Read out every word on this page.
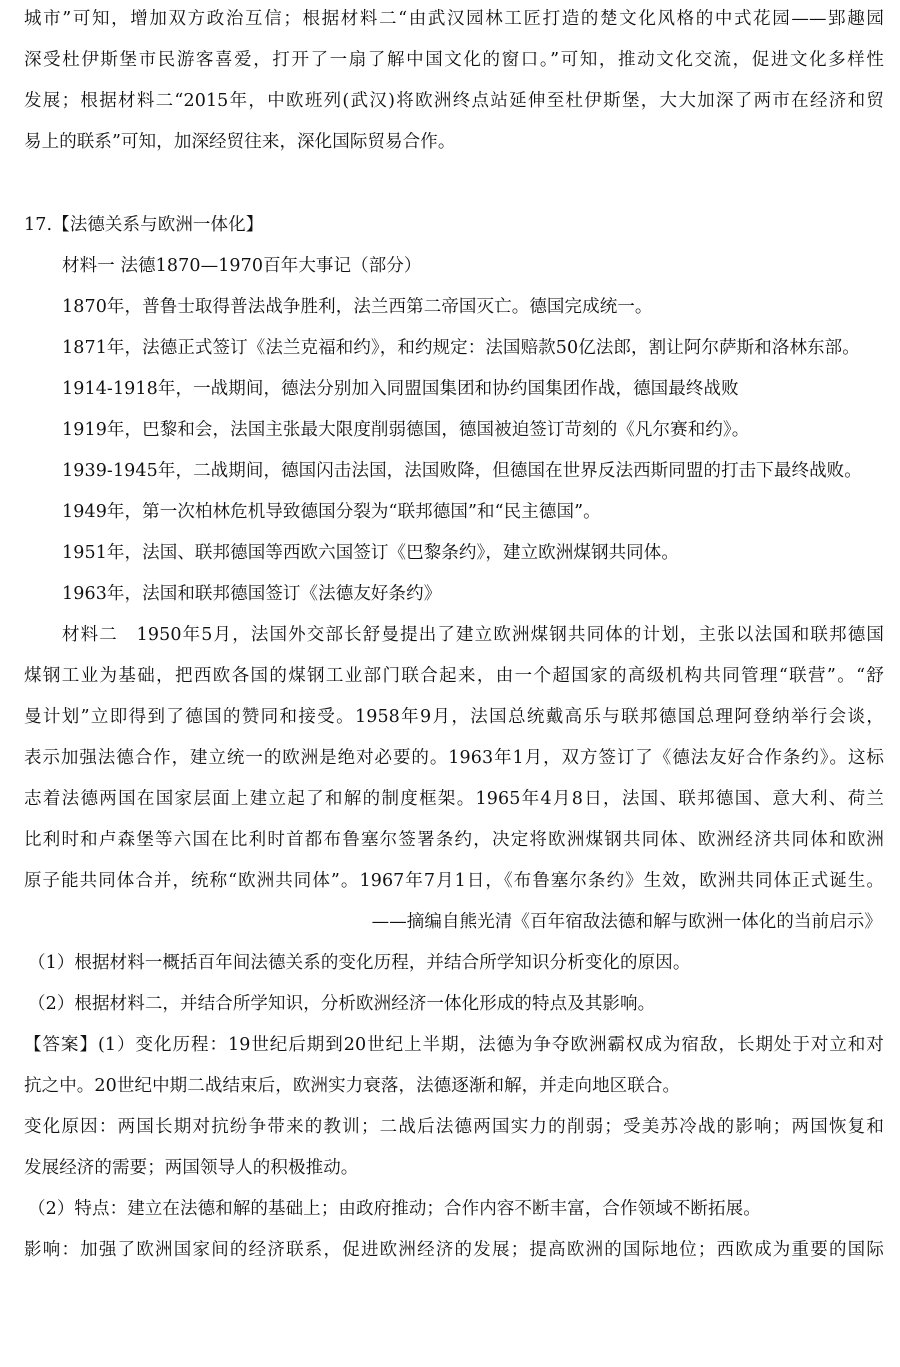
城市”可知，增加双方政治互信；根据材料二“由武汉园林工匠打造的楚文化风格的中式花园——郢趣园
深受杜伊斯堡市民游客喜爱，打开了一扇了解中国文化的窗口。”可知，推动文化交流，促进文化多样性
发展；根据材料二“2015年，中欧班列(武汉)将欧洲终点站延伸至杜伊斯堡，大大加深了两市在经济和贸
易上的联系”可知，加深经贸往来，深化国际贸易合作。
17.【法德关系与欧洲一体化】
材料一 法德1870—1970百年大事记（部分）
1870年，普鲁士取得普法战争胜利，法兰西第二帝国灭亡。德国完成统一。
1871年，法德正式签订《法兰克福和约》，和约规定：法国赔款50亿法郎，割让阿尔萨斯和洛林东部。
1914-1918年，一战期间，德法分别加入同盟国集团和协约国集团作战，德国最终战败
1919年，巴黎和会，法国主张最大限度削弱德国，德国被迫签订苛刻的《凡尔赛和约》。
1939-1945年，二战期间，德国闪击法国，法国败降，但德国在世界反法西斯同盟的打击下最终战败。
1949年，第一次柏林危机导致德国分裂为“联邦德国”和“民主德国”。
1951年，法国、联邦德国等西欧六国签订《巴黎条约》，建立欧洲煤钢共同体。
1963年，法国和联邦德国签订《法德友好条约》
材料二　1950年5月，法国外交部长舒曼提出了建立欧洲煤钢共同体的计划，主张以法国和联邦德国
煤钢工业为基础，把西欧各国的煤钢工业部门联合起来，由一个超国家的高级机构共同管理“联营”。“舒
曼计划”立即得到了德国的赞同和接受。1958年9月，法国总统戴高乐与联邦德国总理阿登纳举行会谈，
表示加强法德合作，建立统一的欧洲是绝对必要的。1963年1月，双方签订了《德法友好合作条约》。这标
志着法德两国在国家层面上建立起了和解的制度框架。1965年4月8日，法国、联邦德国、意大利、荷兰
比利时和卢森堡等六国在比利时首都布鲁塞尔签署条约，决定将欧洲煤钢共同体、欧洲经济共同体和欧洲
原子能共同体合并，统称“欧洲共同体”。1967年7月1日，《布鲁塞尔条约》生效，欧洲共同体正式诞生。
——摘编自熊光清《百年宿敌法德和解与欧洲一体化的当前启示》
（1）根据材料一概括百年间法德关系的变化历程，并结合所学知识分析变化的原因。
（2）根据材料二，并结合所学知识，分析欧洲经济一体化形成的特点及其影响。
【答案】(1）变化历程：19世纪后期到20世纪上半期，法德为争夺欧洲霸权成为宿敌，长期处于对立和对
抗之中。20世纪中期二战结束后，欧洲实力衰落，法德逐渐和解，并走向地区联合。
变化原因：两国长期对抗纷争带来的教训；二战后法德两国实力的削弱；受美苏冷战的影响；两国恢复和
发展经济的需要；两国领导人的积极推动。
（2）特点：建立在法德和解的基础上；由政府推动；合作内容不断丰富，合作领域不断拓展。
影响：加强了欧洲国家间的经济联系，促进欧洲经济的发展；提高欧洲的国际地位；西欧成为重要的国际
